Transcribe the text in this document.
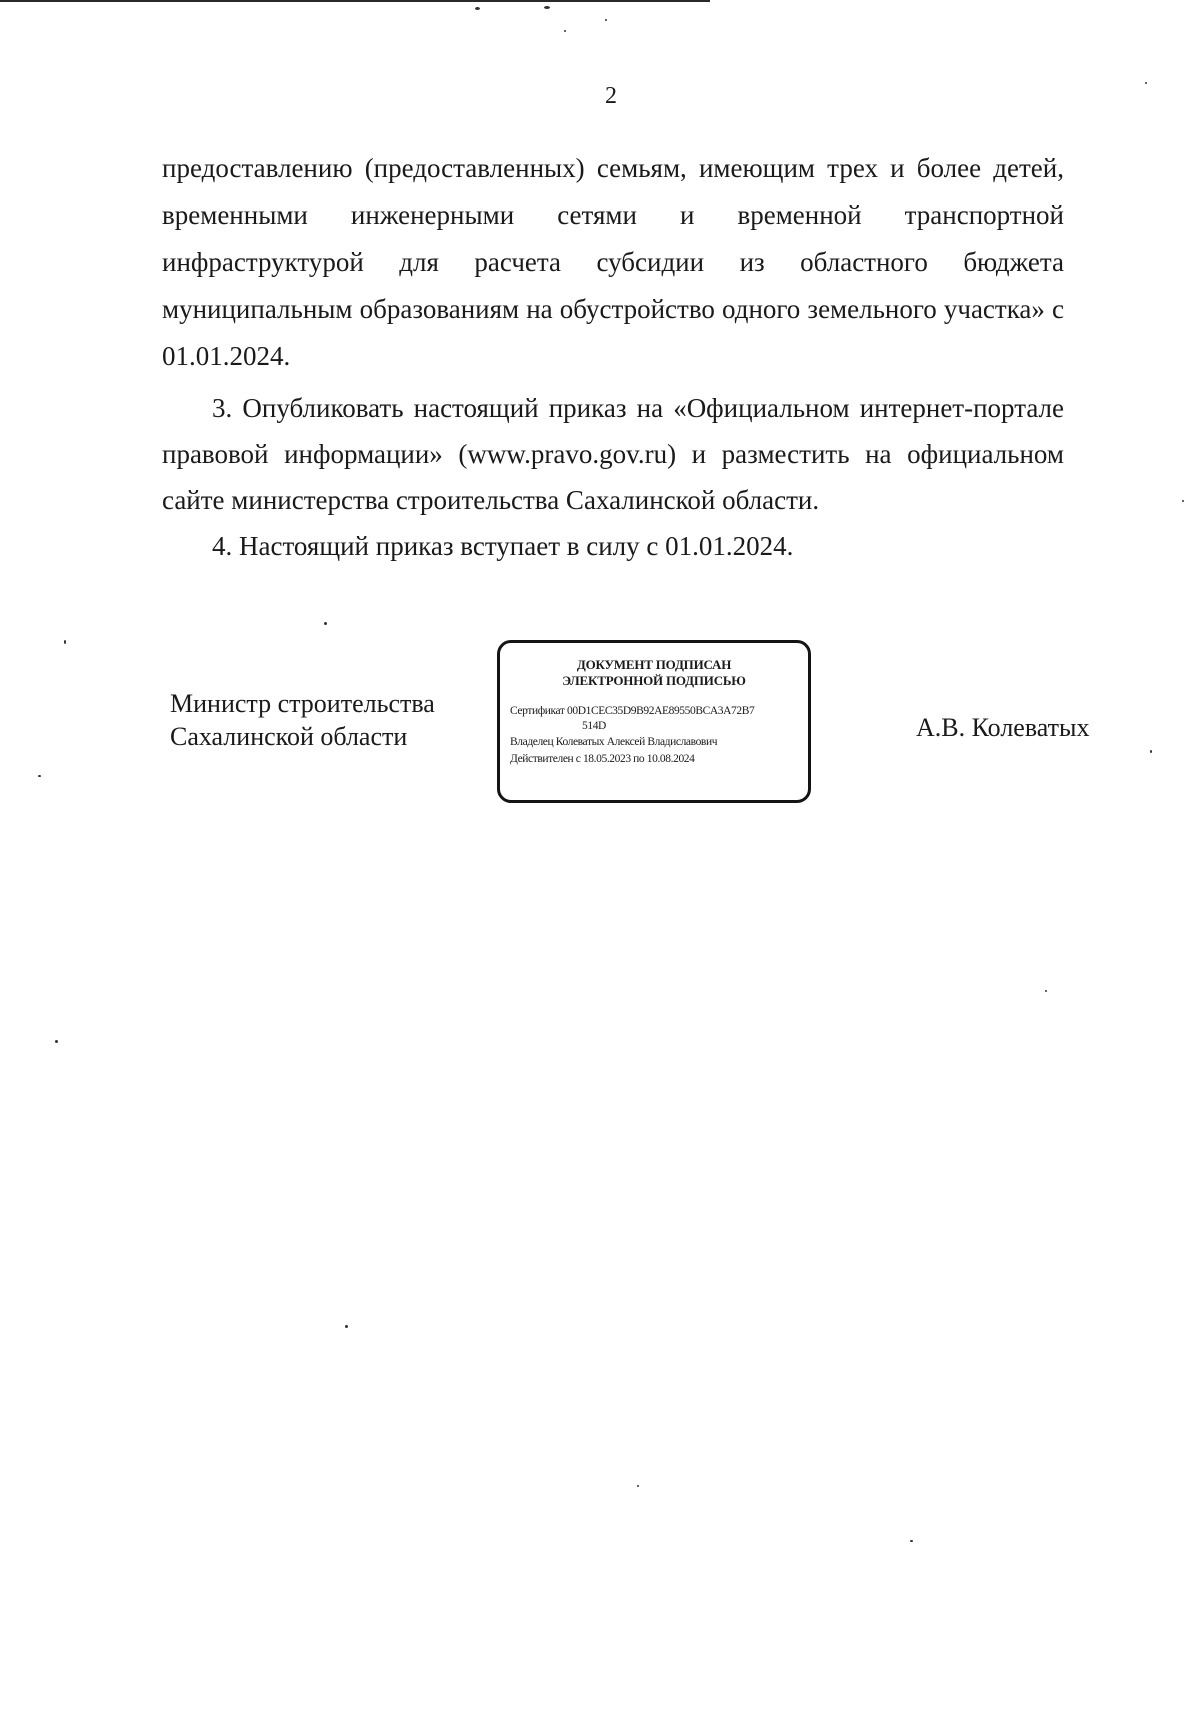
2

предоставлению (предоставленных) семьям, имеющим трех и более детей, временными инженерными сетями и временной транспортной инфраструктурой для расчета субсидии из областного бюджета муниципальным образованиям на обустройство одного земельного участка» с 01.01.2024.

3. Опубликовать настоящий приказ на «Официальном интернет-портале правовой информации» (www.pravo.gov.ru) и разместить на официальном сайте министерства строительства Сахалинской области.

4. Настоящий приказ вступает в силу с 01.01.2024.

Министр строительства
Сахалинской области
ДОКУМЕНТ ПОДПИСАН
ЭЛЕКТРОННОЙ ПОДПИСЬЮ
Сертификат 00D1CEC35D9B92AE89550BCA3A72B7
514D
Владелец Колеватых Алексей Владиславович
Действителен с 18.05.2023 по 10.08.2024
А.В. Колеватых
